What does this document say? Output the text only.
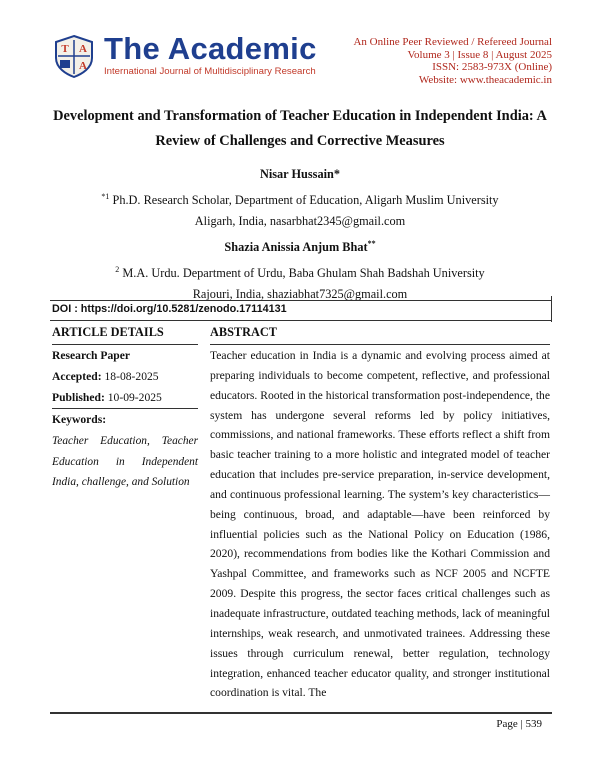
T A
A The Academic
International Journal of Multidisciplinary Research
An Online Peer Reviewed / Refereed Journal
Volume 3 | Issue 8 | August 2025
ISSN: 2583-973X (Online)
Website: www.theacademic.in
Development and Transformation of Teacher Education in Independent India: A
Review of Challenges and Corrective Measures
Nisar Hussain*
$^{*1}$ Ph.D. Research Scholar, Department of Education, Aligarh Muslim University
Aligarh, India, nasarbhat2345@gmail.com
Shazia Anissia Anjum Bhat**
$^2$ M.A. Urdu. Department of Urdu, Baba Ghulam Shah Badshah University
Rajouri, India, shaziabhat7325@gmail.com
DOI : https://doi.org/10.5281/zenodo.17114131
ARTICLE DETAILS
Research Paper
Accepted: 18-08-2025
Published: 10-09-2025
Keywords:
Teacher Education, Teacher Education in Independent India, challenge, and Solution
ABSTRACT
Teacher education in India is a dynamic and evolving process aimed at preparing individuals to become competent, reflective, and professional educators. Rooted in the historical transformation post-independence, the system has undergone several reforms led by policy initiatives, commissions, and national frameworks. These efforts reflect a shift from basic teacher training to a more holistic and integrated model of teacher education that includes pre-service preparation, in-service development, and continuous professional learning. The system’s key characteristics—being continuous, broad, and adaptable—have been reinforced by influential policies such as the National Policy on Education (1986, 2020), recommendations from bodies like the Kothari Commission and Yashpal Committee, and frameworks such as NCF 2005 and NCFTE 2009. Despite this progress, the sector faces critical challenges such as inadequate infrastructure, outdated teaching methods, lack of meaningful internships, weak research, and unmotivated trainees. Addressing these issues through curriculum renewal, better regulation, technology integration, enhanced teacher educator quality, and stronger institutional coordination is vital. The
Page | 539
